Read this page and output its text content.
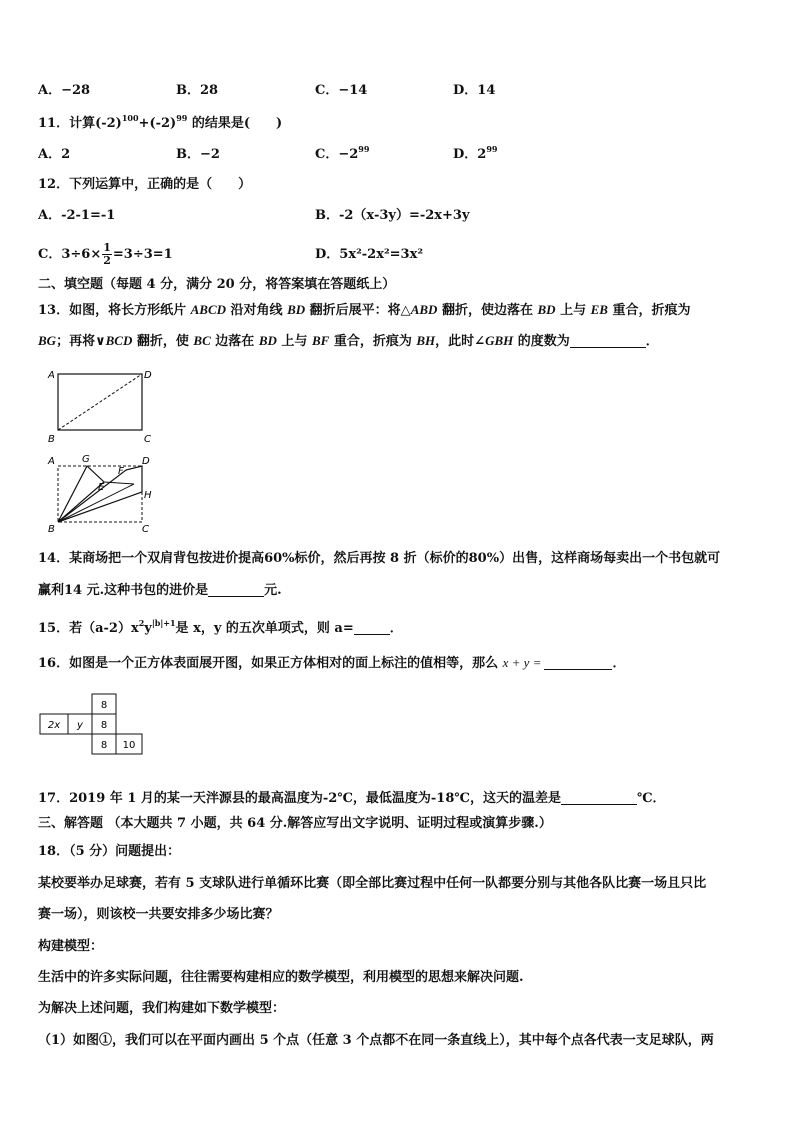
A．−28	B．28	C．−14	D．14
11．计算$(-2)^{100}+(-2)^{99}$ 的结果是(　　)
A．2	B．−2	C．$-2^{99}$	D．$2^{99}$
12．下列运算中，正确的是（　　）
A．-2-1=-1	B．-2（x-3y）=-2x+3y
C．$3\div 6\times \frac{1}{2} =3\div 3=1$	D．5x²-2x²=3x²
二、填空题（每题 4 分，满分 20 分，将答案填在答题纸上）
13．如图，将长方形纸片 ABCD 沿对角线 BD 翻折后展平：将△ABD 翻折，使边落在 BD 上与 EB 重合，折痕为
BG；再将∨BCD 翻折，使 BC 边落在 BD 上与 BF 重合，折痕为 BH，此时∠GBH 的度数为	．
A	D
B	C
A	G	D
F
E
H
B	C
14．某商场把一个双肩背包按进价提高60%标价，然后再按 8 折（标价的80%）出售，这样商场每卖出一个书包就可
赢利14 元.这种书包的进价是	元.
15．若$(a-2)x^2y^{|b|+1}$是 x，y 的五次单项式，则 a=	．
16．如图是一个正方体表面展开图，如果正方体相对的面上标注的值相等，那么 x + y =	．
8
2x y 8
8 10
17．2019 年 1 月的某一天泮源县的最高温度为-2℃，最低温度为-18℃，这天的温差是	℃．
三、解答题 （本大题共 7 小题，共 64 分.解答应写出文字说明、证明过程或演算步骤.）
18．（5 分）问题提出：
某校要举办足球赛，若有 5 支球队进行单循环比赛（即全部比赛过程中任何一队都要分别与其他各队比赛一场且只比
赛一场），则该校一共要安排多少场比赛？
构建模型：
生活中的许多实际问题，往往需要构建相应的数学模型，利用模型的思想来解决问题.
为解决上述问题，我们构建如下数学模型：
（1）如图①，我们可以在平面内画出 5 个点（任意 3 个点都不在同一条直线上），其中每个点各代表一支足球队，两
